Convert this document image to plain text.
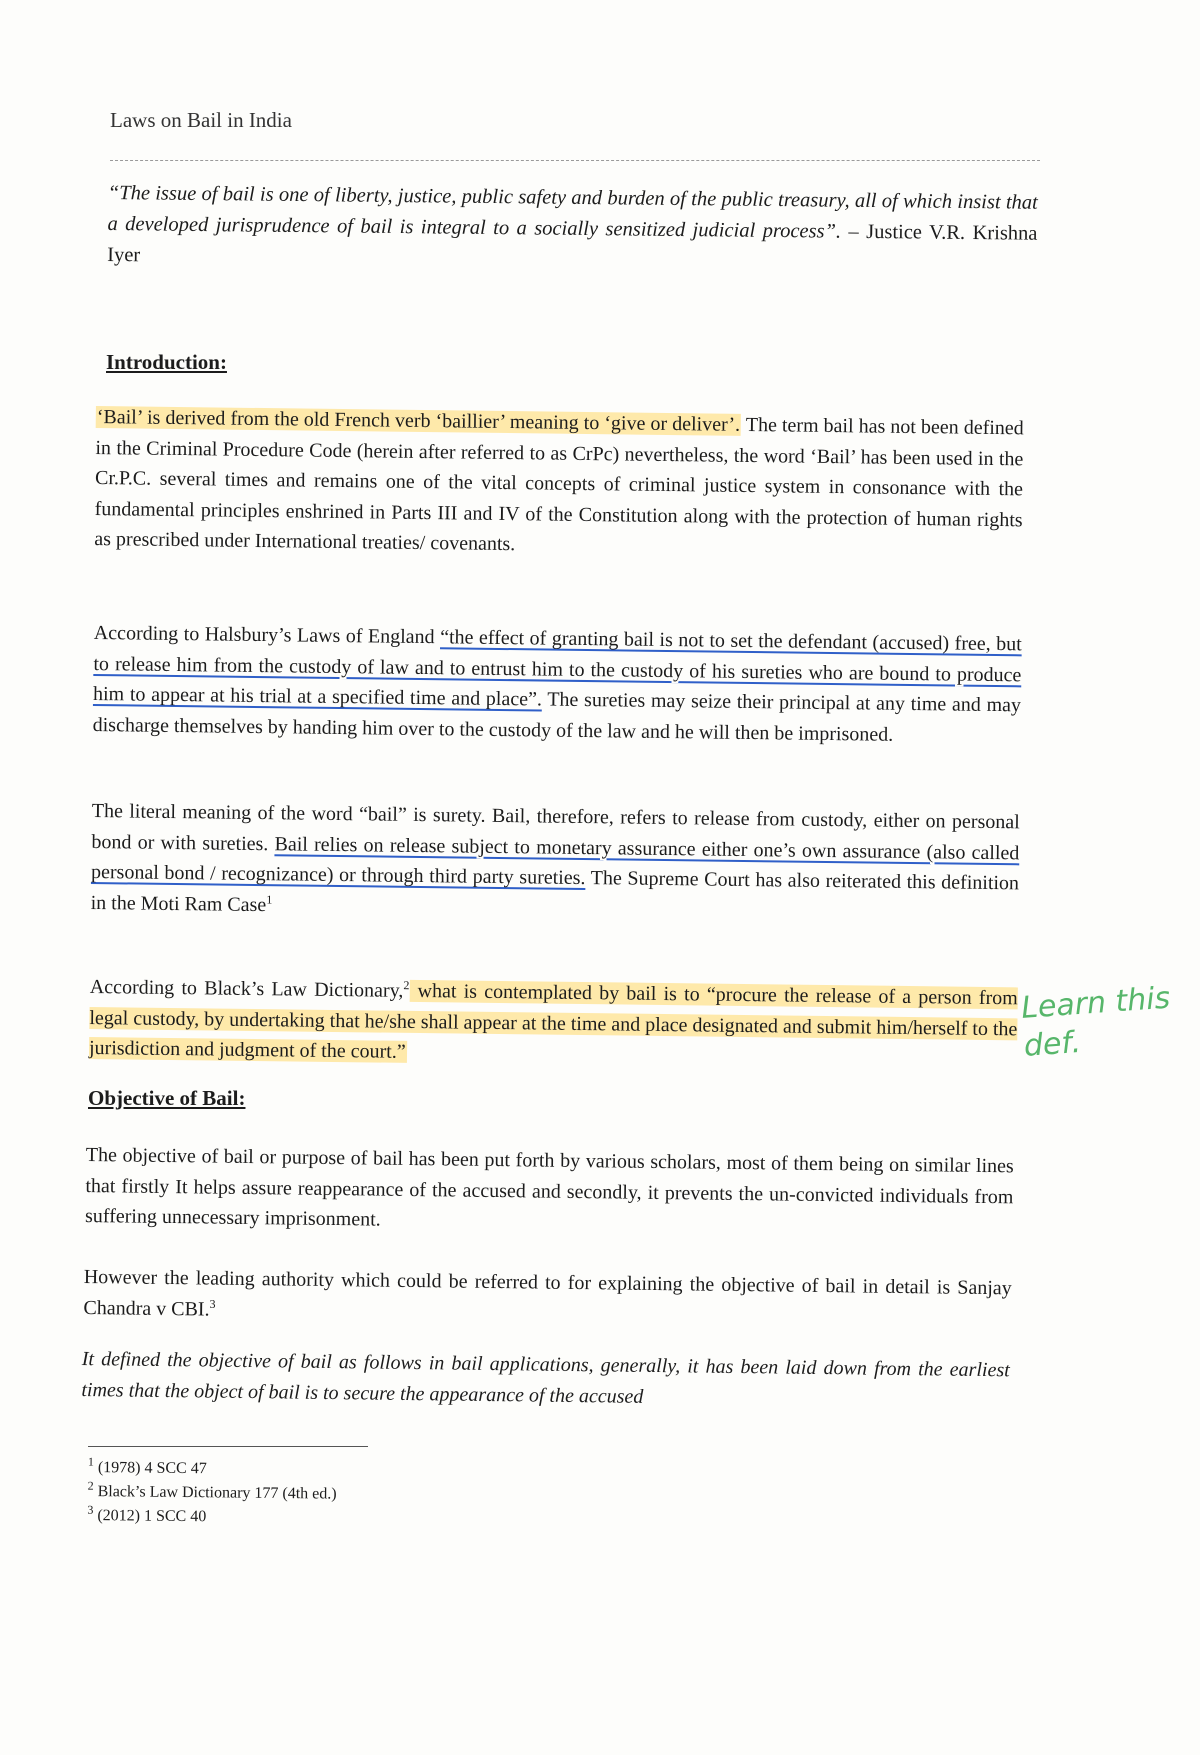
Laws on Bail in India
“The issue of bail is one of liberty, justice, public safety and burden of the public treasury, all of which insist that a developed jurisprudence of bail is integral to a socially sensitized judicial process”. – Justice V.R. Krishna Iyer
Introduction:
‘Bail’ is derived from the old French verb ‘baillier’ meaning to ‘give or deliver’. The term bail has not been defined in the Criminal Procedure Code (herein after referred to as CrPc) nevertheless, the word ‘Bail’ has been used in the Cr.P.C. several times and remains one of the vital concepts of criminal justice system in consonance with the fundamental principles enshrined in Parts III and IV of the Constitution along with the protection of human rights as prescribed under International treaties/ covenants.
According to Halsbury’s Laws of England “the effect of granting bail is not to set the defendant (accused) free, but to release him from the custody of law and to entrust him to the custody of his sureties who are bound to produce him to appear at his trial at a specified time and place”. The sureties may seize their principal at any time and may discharge themselves by handing him over to the custody of the law and he will then be imprisoned.
The literal meaning of the word “bail” is surety. Bail, therefore, refers to release from custody, either on personal bond or with sureties. Bail relies on release subject to monetary assurance either one’s own assurance (also called personal bond / recognizance) or through third party sureties. The Supreme Court has also reiterated this definition in the Moti Ram Case$^1$
According to Black’s Law Dictionary,$^2$ what is contemplated by bail is to “procure the release of a person from legal custody, by undertaking that he/she shall appear at the time and place designated and submit him/herself to the jurisdiction and judgment of the court.”
Learn this
def.
Objective of Bail:
The objective of bail or purpose of bail has been put forth by various scholars, most of them being on similar lines that firstly It helps assure reappearance of the accused and secondly, it prevents the un-convicted individuals from suffering unnecessary imprisonment.
However the leading authority which could be referred to for explaining the objective of bail in detail is Sanjay Chandra v CBI.$^3$
It defined the objective of bail as follows in bail applications, generally, it has been laid down from the earliest times that the object of bail is to secure the appearance of the accused
$^1$ (1978) 4 SCC 47
$^2$ Black’s Law Dictionary 177 (4th ed.)
$^3$ (2012) 1 SCC 40
